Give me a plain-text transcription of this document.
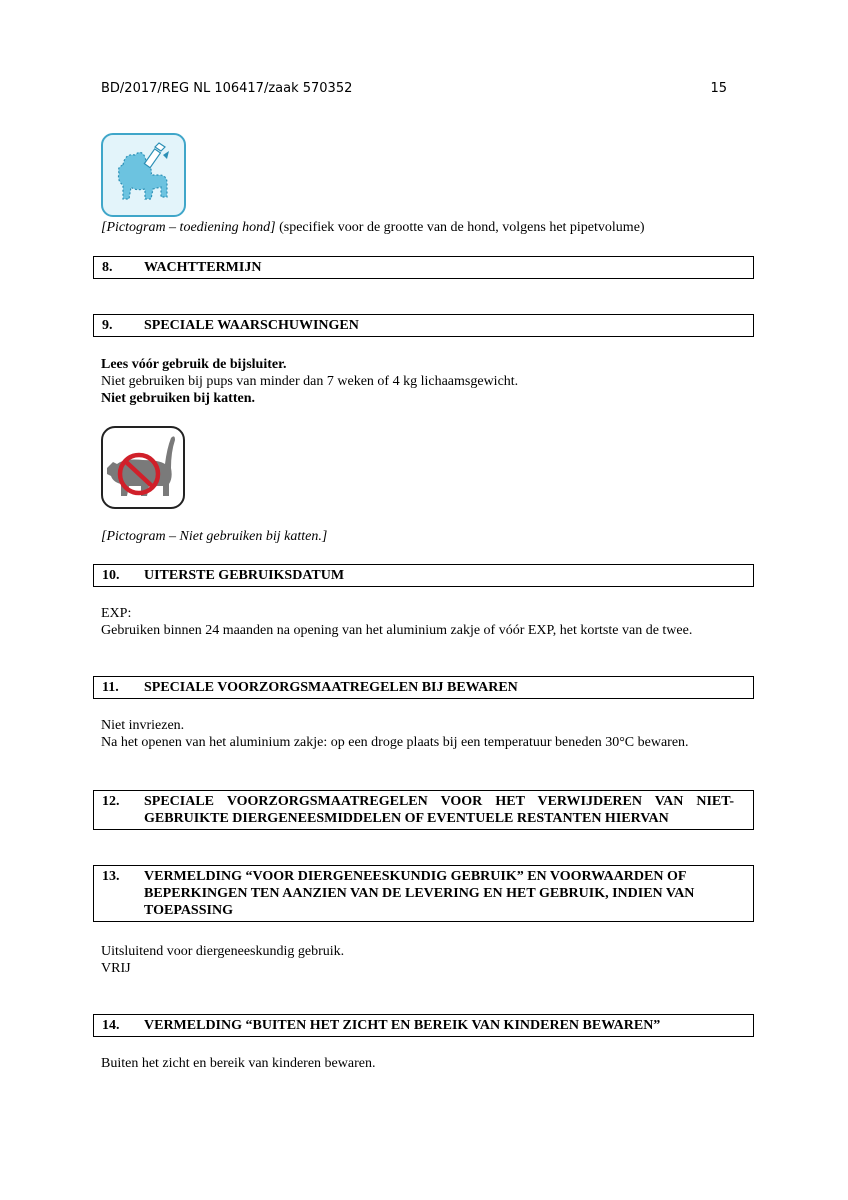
BD/2017/REG NL 106417/zaak 570352	15
[Pictogram – toediening hond] (specifiek voor de grootte van de hond, volgens het pipetvolume)
8. WACHTTERMIJN
9. SPECIALE WAARSCHUWINGEN

Lees vóór gebruik de bijsluiter.

Niet gebruiken bij pups van minder dan 7 weken of 4 kg lichaamsgewicht.

Niet gebruiken bij katten.

[Pictogram – Niet gebruiken bij katten.]
10. UITERSTE GEBRUIKSDATUM

EXP:

Gebruiken binnen 24 maanden na opening van het aluminium zakje of vóór EXP, het kortste van de twee.

11. SPECIALE VOORZORGSMAATREGELEN BIJ BEWAREN

Niet invriezen.

Na het openen van het aluminium zakje: op een droge plaats bij een temperatuur beneden 30°C bewaren.

12. SPECIALE VOORZORGSMAATREGELEN VOOR HET VERWIJDEREN VAN NIET-GEBRUIKTE DIERGENEESMIDDELEN OF EVENTUELE RESTANTEN HIERVAN
13. VERMELDING “VOOR DIERGENEESKUNDIG GEBRUIK” EN VOORWAARDEN OF BEPERKINGEN TEN AANZIEN VAN DE LEVERING EN HET GEBRUIK, INDIEN VAN TOEPASSING

Uitsluitend voor diergeneeskundig gebruik.

VRIJ

14. VERMELDING “BUITEN HET ZICHT EN BEREIK VAN KINDEREN BEWAREN”

Buiten het zicht en bereik van kinderen bewaren.
